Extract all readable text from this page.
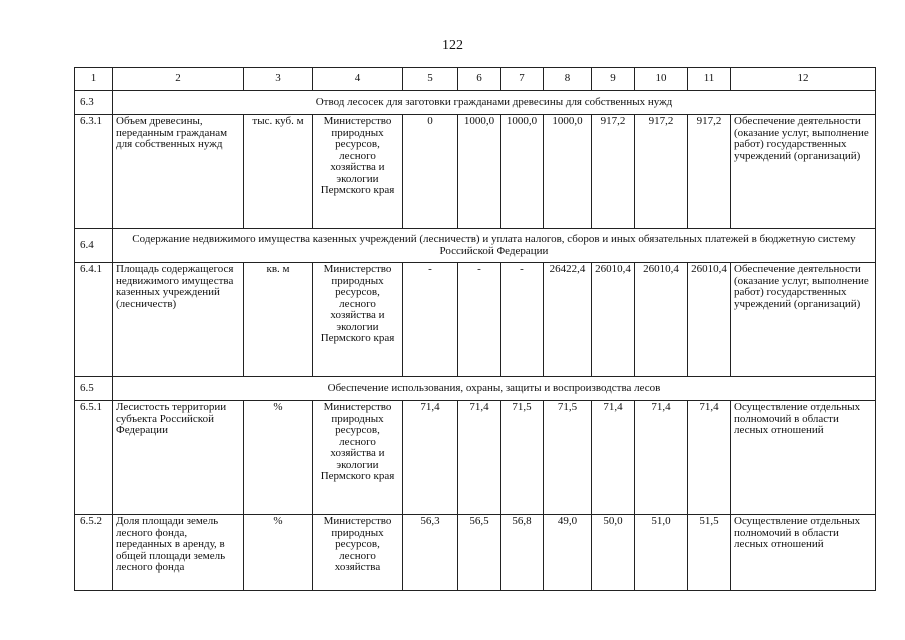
122
1	2	3	4	5	6	7	8	9	10	11	12
6.3	Отвод лесосек для заготовки гражданами древесины для собственных нужд										
6.3.1	Объем древесины, переданным гражданам для собственных нужд	тыс. куб. м	Министерство природных ресурсов, лесного хозяйства и экологии Пермского края	0	1000,0	1000,0	1000,0	917,2	917,2	917,2	Обеспечение деятельности (оказание услуг, выполнение работ) государственных учреждений (организаций)
6.4	Содержание недвижимого имущества казенных учреждений (лесничеств) и уплата налогов, сборов и иных обязательных платежей в бюджетную систему Российской Федерации										
6.4.1	Площадь содержащегося недвижимого имущества казенных учреждений (лесничеств)	кв. м	Министерство природных ресурсов, лесного хозяйства и экологии Пермского края	-	-	-	26422,4	26010,4	26010,4	26010,4	Обеспечение деятельности (оказание услуг, выполнение работ) государственных учреждений (организаций)
6.5	Обеспечение использования, охраны, защиты и воспроизводства лесов										
6.5.1	Лесистость территории субъекта Российской Федерации	%	Министерство природных ресурсов, лесного хозяйства и экологии Пермского края	71,4	71,4	71,5	71,5	71,4	71,4	71,4	Осуществление отдельных полномочий в области лесных отношений
6.5.2	Доля площади земель лесного фонда, переданных в аренду, в общей площади земель лесного фонда	%	Министерство природных ресурсов, лесного хозяйства	56,3	56,5	56,8	49,0	50,0	51,0	51,5	Осуществление отдельных полномочий в области лесных отношений
